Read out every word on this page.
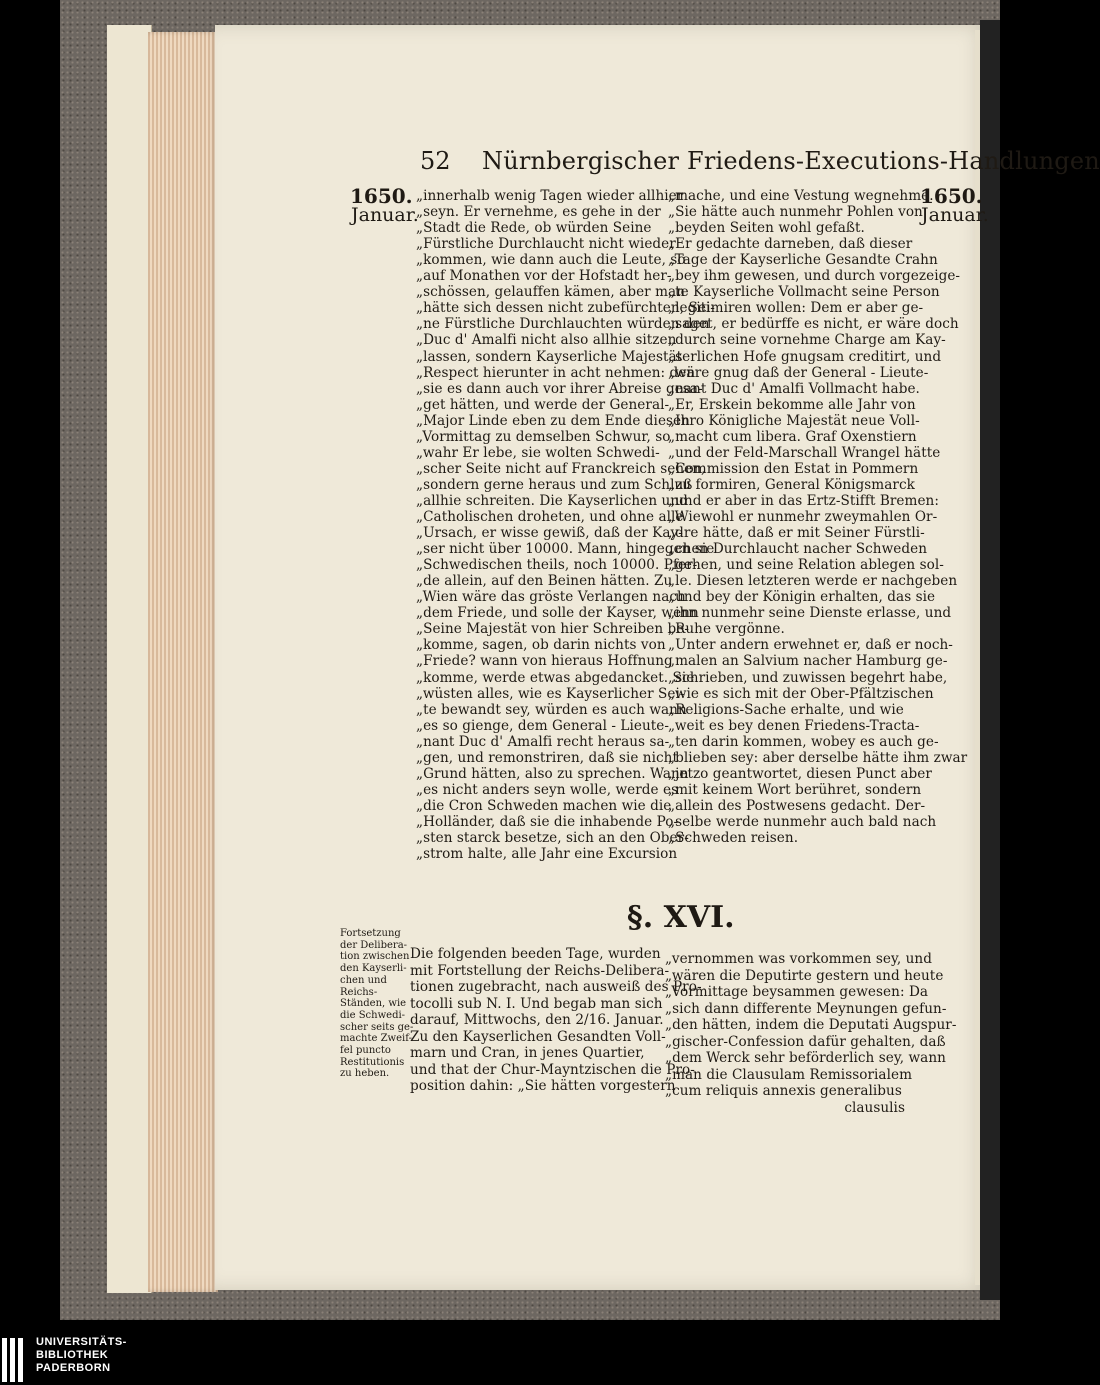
52 Nürnbergischer Friedens-Executions-Handlungen
1650.
Januar.
1650.
Januar.
„innerhalb wenig Tagen wieder allhier
„seyn. Er vernehme, es gehe in der
„Stadt die Rede, ob würden Seine
„Fürstliche Durchlaucht nicht wieder
„kommen, wie dann auch die Leute, so
„auf Monathen vor der Hofstadt her-
„schössen, gelauffen kämen, aber man
„hätte sich dessen nicht zubefürchten, Sei-
„ne Fürstliche Durchlauchten würden den
„Duc d' Amalfi nicht also allhie sitzen
„lassen, sondern Kayserliche Majestät
„Respect hierunter in acht nehmen: den
„sie es dann auch vor ihrer Abreise gesa-
„get hätten, und werde der General-
„Major Linde eben zu dem Ende diesen
„Vormittag zu demselben Schwur, so
„wahr Er lebe, sie wolten Schwedi-
„scher Seite nicht auf Franckreich sehen,
„sondern gerne heraus und zum Schluß
„allhie schreiten. Die Kayserlichen und
„Catholischen droheten, und ohne alle
„Ursach, er wisse gewiß, daß der Kay-
„ser nicht über 10000. Mann, hingegen sie
„Schwedischen theils, noch 10000. Pfer-
„de allein, auf den Beinen hätten. Zu
„Wien wäre das gröste Verlangen nach
„dem Friede, und solle der Kayser, wenn
„Seine Majestät von hier Schreiben be-
„komme, sagen, ob darin nichts von
„Friede? wann von hieraus Hoffnung
„komme, werde etwas abgedancket. Sie
„wüsten alles, wie es Kayserlicher Sei-
„te bewandt sey, würden es auch wann
„es so gienge, dem General - Lieute-
„nant Duc d' Amalfi recht heraus sa-
„gen, und remonstriren, daß sie nicht
„Grund hätten, also zu sprechen. Wann
„es nicht anders seyn wolle, werde es
„die Cron Schweden machen wie die
„Holländer, daß sie die inhabende Po-
„sten starck besetze, sich an den Ober-
„strom halte, alle Jahr eine Excursion
„mache, und eine Vestung wegnehme.
„Sie hätte auch nunmehr Pohlen von
„beyden Seiten wohl gefaßt.
„Er gedachte darneben, daß dieser
„Tage der Kayserliche Gesandte Crahn
„bey ihm gewesen, und durch vorgezeige-
„te Kayserliche Vollmacht seine Person
„legitimiren wollen: Dem er aber ge-
„saget, er bedürffe es nicht, er wäre doch
„durch seine vornehme Charge am Kay-
„serlichen Hofe gnugsam creditirt, und
„wäre gnug daß der General - Lieute-
„nant Duc d' Amalfi Vollmacht habe.
„Er, Erskein bekomme alle Jahr von
„Ihro Königliche Majestät neue Voll-
„macht cum libera. Graf Oxenstiern
„und der Feld-Marschall Wrangel hätte
„Commission den Estat in Pommern
„zu formiren, General Königsmarck
„und er aber in das Ertz-Stifft Bremen:
„Wiewohl er nunmehr zweymahlen Or-
„dre hätte, daß er mit Seiner Fürstli-
„chen Durchlaucht nacher Schweden
„gehen, und seine Relation ablegen sol-
„le. Diesen letzteren werde er nachgeben
„und bey der Königin erhalten, das sie
„ihn nunmehr seine Dienste erlasse, und
„Ruhe vergönne.
„Unter andern erwehnet er, daß er noch-
„malen an Salvium nacher Hamburg ge-
„schrieben, und zuwissen begehrt habe,
„wie es sich mit der Ober-Pfältzischen
„Religions-Sache erhalte, und wie
„weit es bey denen Friedens-Tracta-
„ten darin kommen, wobey es auch ge-
„blieben sey: aber derselbe hätte ihm zwar
„jetzo geantwortet, diesen Punct aber
„mit keinem Wort berühret, sondern
„allein des Postwesens gedacht. Der-
„selbe werde nunmehr auch bald nach
„Schweden reisen.
§. XVI.
Fortsetzung
der Delibera-
tion zwischen
den Kayserli-
chen und
Reichs-
Ständen, wie
die Schwedi-
scher seits ge-
machte Zweif-
fel puncto
Restitutionis
zu heben.
Die folgenden beeden Tage, wurden
mit Fortstellung der Reichs-Delibera-
tionen zugebracht, nach ausweiß des Pro-
tocolli sub N. I. Und begab man sich
darauf, Mittwochs, den 2/16. Januar.
Zu den Kayserlichen Gesandten Voll-
marn und Cran, in jenes Quartier,
und that der Chur-Mayntzischen die Pro-
position dahin: „Sie hätten vorgestern
„vernommen was vorkommen sey, und
„wären die Deputirte gestern und heute
„Vormittage beysammen gewesen: Da
„sich dann differente Meynungen gefun-
„den hätten, indem die Deputati Augspur-
„gischer-Confession dafür gehalten, daß
„dem Werck sehr beförderlich sey, wann
„man die Clausulam Remissorialem
„cum reliquis annexis generalibus
clausulis
UNIVERSITÄTS-
BIBLIOTHEK
PADERBORN
